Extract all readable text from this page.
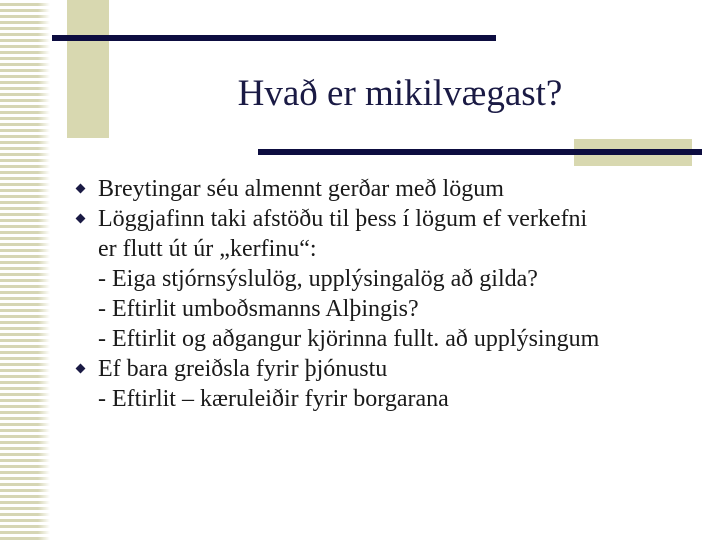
Hvað er mikilvægast?
Breytingar séu almennt gerðar með lögum
Löggjafinn taki afstöðu til þess í lögum ef verkefni
er flutt út úr „kerfinu“:
- Eiga stjórnsýslulög, upplýsingalög að gilda?
- Eftirlit umboðsmanns Alþingis?
- Eftirlit og aðgangur kjörinna fullt. að upplýsingum
Ef bara greiðsla fyrir þjónustu
- Eftirlit – kæruleiðir fyrir borgarana
